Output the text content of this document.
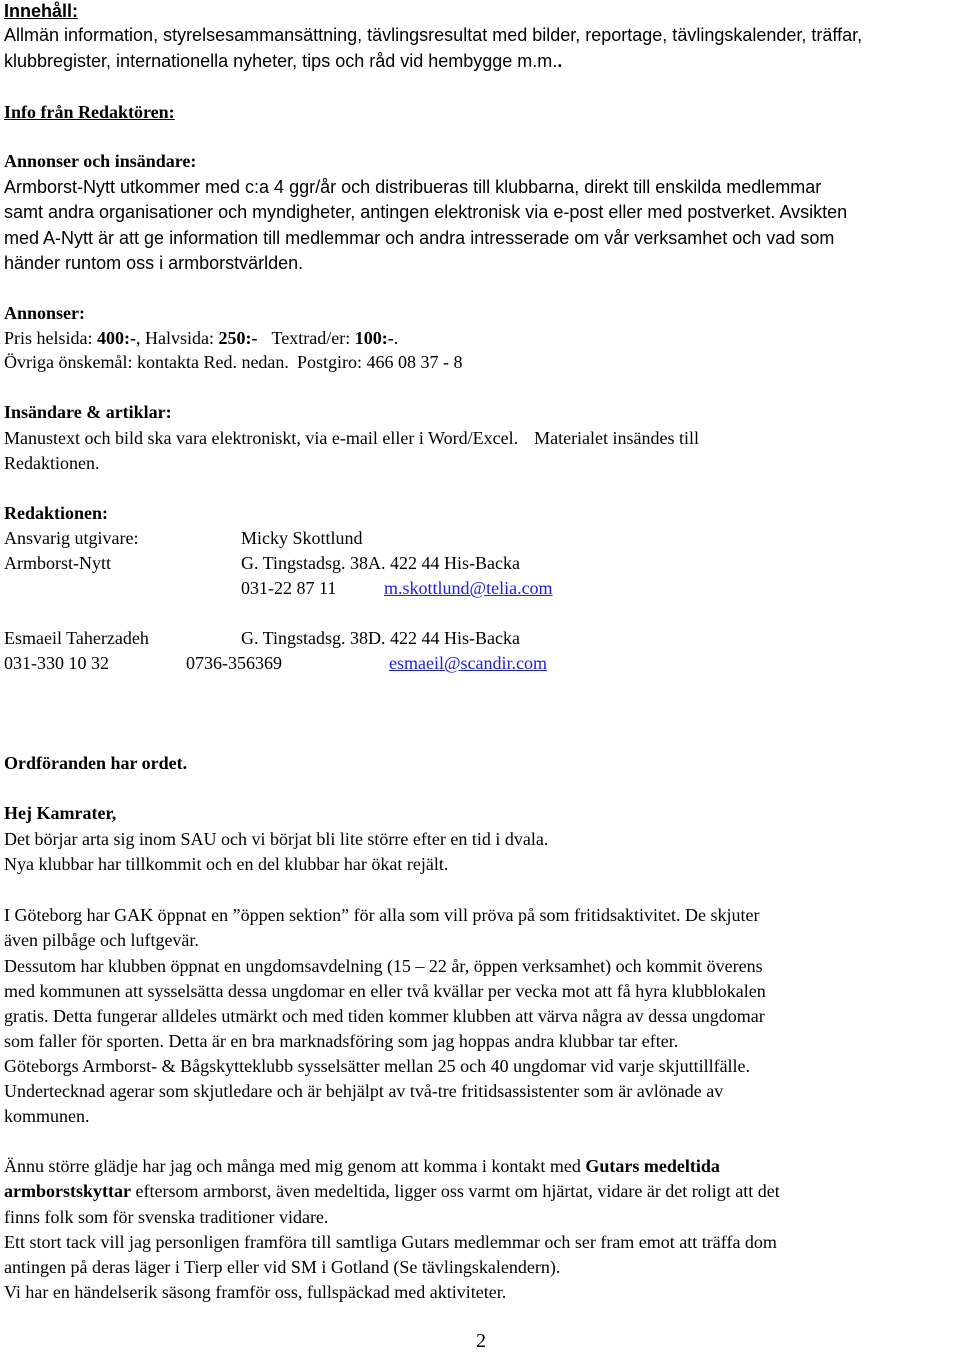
Innehåll:
Allmän information, styrelsesammansättning, tävlingsresultat med bilder, reportage, tävlingskalender, träffar,
klubbregister, internationella nyheter, tips och råd vid hembygge m.m..
Info från Redaktören:
Annonser och insändare:
Armborst-Nytt utkommer med c:a 4 ggr/år och distribueras till klubbarna, direkt till enskilda medlemmar
samt andra organisationer och myndigheter, antingen elektronisk via e-post eller med postverket. Avsikten
med A-Nytt är att ge information till medlemmar och andra intresserade om vår verksamhet och vad som
händer runtom oss i armborstvärlden.
Annonser:
Pris helsida: 400:-, Halvsida: 250:- Textrad/er: 100:-.
Övriga önskemål: kontakta Red. nedan. Postgiro: 466 08 37 - 8
Insändare & artiklar:
Manustext och bild ska vara elektroniskt, via e-mail eller i Word/Excel. Materialet insändes till
Redaktionen.
Redaktionen:
Ansvarig utgivare:	Micky Skottlund
Armborst-Nytt	G. Tingstadsg. 38A. 422 44 His-Backa
031-22 87 11	m.skottlund@telia.com
Esmaeil Taherzadeh	G. Tingstadsg. 38D. 422 44 His-Backa
031-330 10 32	0736-356369	esmaeil@scandir.com
Ordföranden har ordet.
Hej Kamrater,
Det börjar arta sig inom SAU och vi börjat bli lite större efter en tid i dvala.
Nya klubbar har tillkommit och en del klubbar har ökat rejält.
I Göteborg har GAK öppnat en ”öppen sektion” för alla som vill pröva på som fritidsaktivitet. De skjuter
även pilbåge och luftgevär.
Dessutom har klubben öppnat en ungdomsavdelning (15 – 22 år, öppen verksamhet) och kommit överens
med kommunen att sysselsätta dessa ungdomar en eller två kvällar per vecka mot att få hyra klubblokalen
gratis. Detta fungerar alldeles utmärkt och med tiden kommer klubben att värva några av dessa ungdomar
som faller för sporten. Detta är en bra marknadsföring som jag hoppas andra klubbar tar efter.
Göteborgs Armborst- & Bågskytteklubb sysselsätter mellan 25 och 40 ungdomar vid varje skjuttillfälle.
Undertecknad agerar som skjutledare och är behjälpt av två-tre fritidsassistenter som är avlönade av
kommunen.
Ännu större glädje har jag och många med mig genom att komma i kontakt med Gutars medeltida
armborstskyttar eftersom armborst, även medeltida, ligger oss varmt om hjärtat, vidare är det roligt att det
finns folk som för svenska traditioner vidare.
Ett stort tack vill jag personligen framföra till samtliga Gutars medlemmar och ser fram emot att träffa dom
antingen på deras läger i Tierp eller vid SM i Gotland (Se tävlingskalendern).
Vi har en händelserik säsong framför oss, fullspäckad med aktiviteter.
2
